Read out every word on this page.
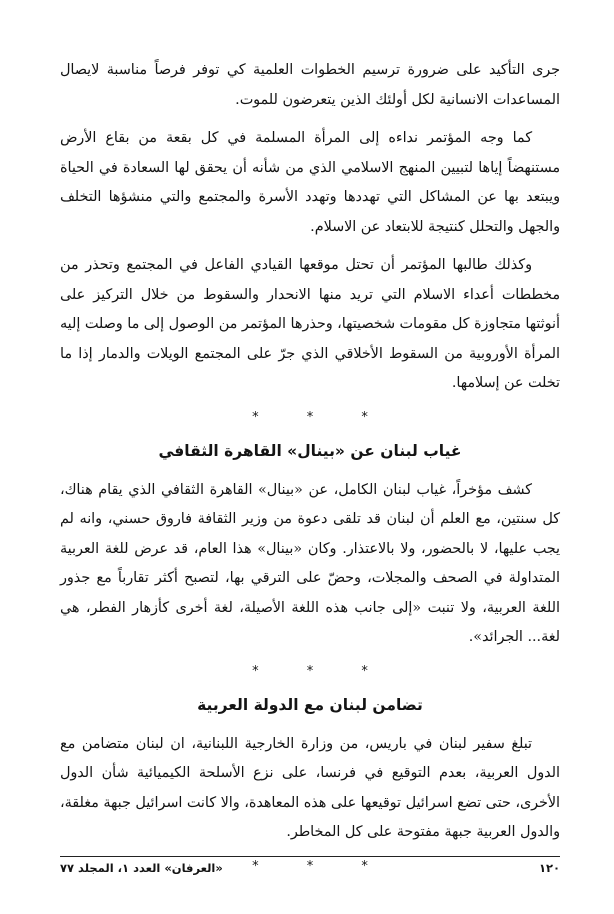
جرى التأكيد على ضرورة ترسيم الخطوات العلمية كي توفر فرصاً مناسبة لايصال المساعدات الانسانية لكل أولئك الذين يتعرضون للموت.

كما وجه المؤتمر نداءه إلى المرأة المسلمة في كل بقعة من بقاع الأرض مستنهضاً إياها لتبيين المنهج الاسلامي الذي من شأنه أن يحقق لها السعادة في الحياة ويبتعد بها عن المشاكل التي تهددها وتهدد الأسرة والمجتمع والتي منشؤها التخلف والجهل والتحلل كنتيجة للابتعاد عن الاسلام.

وكذلك طالبها المؤتمر أن تحتل موقعها القيادي الفاعل في المجتمع وتحذر من مخططات أعداء الاسلام التي تريد منها الانحدار والسقوط من خلال التركيز على أنوثتها متجاوزة كل مقومات شخصيتها، وحذرها المؤتمر من الوصول إلى ما وصلت إليه المرأة الأوروبية من السقوط الأخلاقي الذي جرّ على المجتمع الويلات والدمار إذا ما تخلت عن إسلامها.

* * *
غياب لبنان عن «بينال» القاهرة الثقافي

كشف مؤخراً، غياب لبنان الكامل، عن «بينال» القاهرة الثقافي الذي يقام هناك، كل سنتين، مع العلم أن لبنان قد تلقى دعوة من وزير الثقافة فاروق حسني، وانه لم يجب عليها، لا بالحضور، ولا بالاعتذار. وكان «بينال» هذا العام، قد عرض للغة العربية المتداولة في الصحف والمجلات، وحضّ على الترقي بها، لتصبح أكثر تقارباً مع جذور اللغة العربية، ولا تنبت «إلى جانب هذه اللغة الأصيلة، لغة أخرى كأزهار الفطر، هي لغة... الجرائد».

* * *
تضامن لبنان مع الدولة العربية

تبلغ سفير لبنان في باريس، من وزارة الخارجية اللبنانية، ان لبنان متضامن مع الدول العربية، بعدم التوقيع في فرنسا، على نزع الأسلحة الكيميائية شأن الدول الأخرى، حتى تضع اسرائيل توقيعها على هذه المعاهدة، والا كانت اسرائيل جبهة مغلقة، والدول العربية جبهة مفتوحة على كل المخاطر.

* * *
«العرفان» العدد ١، المجلد ٧٧	١٢٠
